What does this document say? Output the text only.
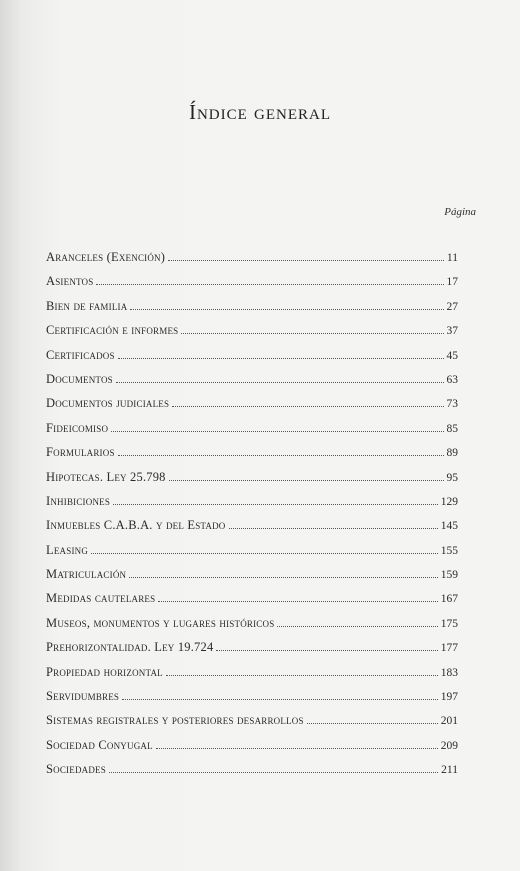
Índice general
Página
Aranceles (Exención)	11
Asientos	17
Bien de familia	27
Certificación e informes	37
Certificados	45
Documentos	63
Documentos judiciales	73
Fideicomiso	85
Formularios	89
Hipotecas. Ley 25.798	95
Inhibiciones	129
Inmuebles C.A.B.A. y del Estado	145
Leasing	155
Matriculación	159
Medidas cautelares	167
Museos, monumentos y lugares históricos	175
Prehorizontalidad. Ley 19.724	177
Propiedad horizontal	183
Servidumbres	197
Sistemas registrales y posteriores desarrollos	201
Sociedad Conyugal	209
Sociedades	211
